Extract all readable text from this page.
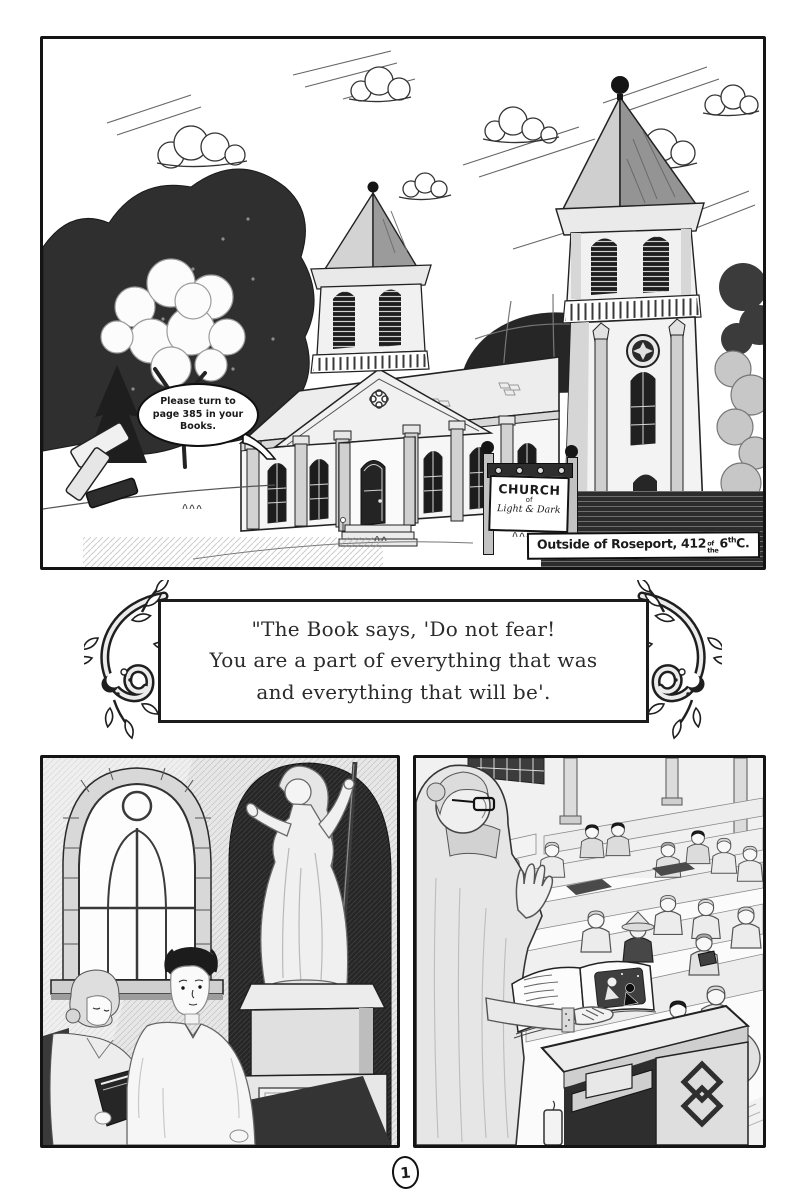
Please turn to
page 385 in your
Books.
CHURCH
of
Light & Dark
Outside of Roseport, 412 of
the 6thC.
"The Book says, 'Do not fear!
You are a part of everything that was
and everything that will be'.
1
